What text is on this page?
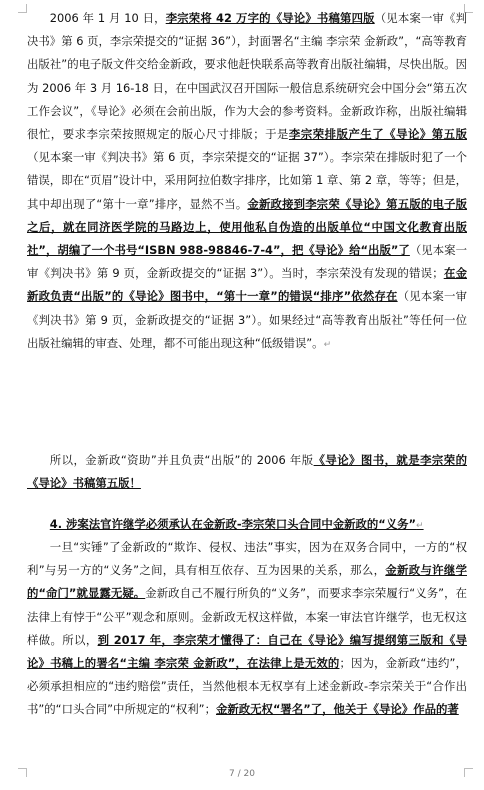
2006 年 1 月 10 日，李宗荣将 42 万字的《导论》书稿第四版（见本案一审《判决书》第 6 页，李宗荣提交的“证据 36”），封面署名“主编 李宗荣 金新政”，“高等教育出版社”的电子版文件交给金新政，要求他赶快联系高等教育出版社编辑，尽快出版。因为 2006 年 3 月 16-18 日，在中国武汉召开国际一般信息系统研究会中国分会“第五次工作会议”，《导论》必须在会前出版，作为大会的参考资料。金新政诈称，出版社编辑很忙，要求李宗荣按照规定的版心尺寸排版；于是李宗荣排版产生了《导论》第五版（见本案一审《判决书》第 6 页，李宗荣提交的“证据 37”）。李宗荣在排版时犯了一个错误，即在“页眉”设计中，采用阿拉伯数字排序，比如第 1 章、第 2 章，等等；但是，其中却出现了“第十一章”排序，显然不当。金新政接到李宗荣《导论》第五版的电子版之后，就在同济医学院的马路边上，使用他私自伪造的出版单位“中国文化教育出版社”，胡编了一个书号“ISBN 988-98846-7-4”，把《导论》给“出版”了（见本案一审《判决书》第 9 页，金新政提交的“证据 3”）。当时，李宗荣没有发现的错误；在金新政负责“出版”的《导论》图书中，“第十一章”的错误“排序”依然存在（见本案一审《判决书》第 9 页，金新政提交的“证据 3”）。如果经过“高等教育出版社”等任何一位出版社编辑的审查、处理，都不可能出现这种“低级错误”。↵

所以，金新政“资助”并且负责“出版”的 2006 年版《导论》图书，就是李宗荣的《导论》书稿第五版！

4. 涉案法官许继学必须承认在金新政-李宗荣口头合同中金新政的“义务”↵

一旦“实锤”了金新政的“欺诈、侵权、违法”事实，因为在双务合同中，一方的“权利”与另一方的“义务”之间，具有相互依存、互为因果的关系，那么，金新政与许继学的“命门”就显露无疑。金新政自己不履行所负的“义务”，而要求李宗荣履行“义务”，在法律上有悖于“公平”观念和原则。金新政无权这样做，本案一审法官许继学，也无权这样做。所以，到 2017 年，李宗荣才懂得了：自己在《导论》编写提纲第三版和《导论》书稿上的署名“主编 李宗荣 金新政”，在法律上是无效的；因为，金新政“违约”，必须承担相应的“违约赔偿”责任，当然他根本无权享有上述金新政-李宗荣关于“合作出书”的“口头合同”中所规定的“权利”；金新政无权“署名”了，他关于《导论》作品的著

7 / 20
